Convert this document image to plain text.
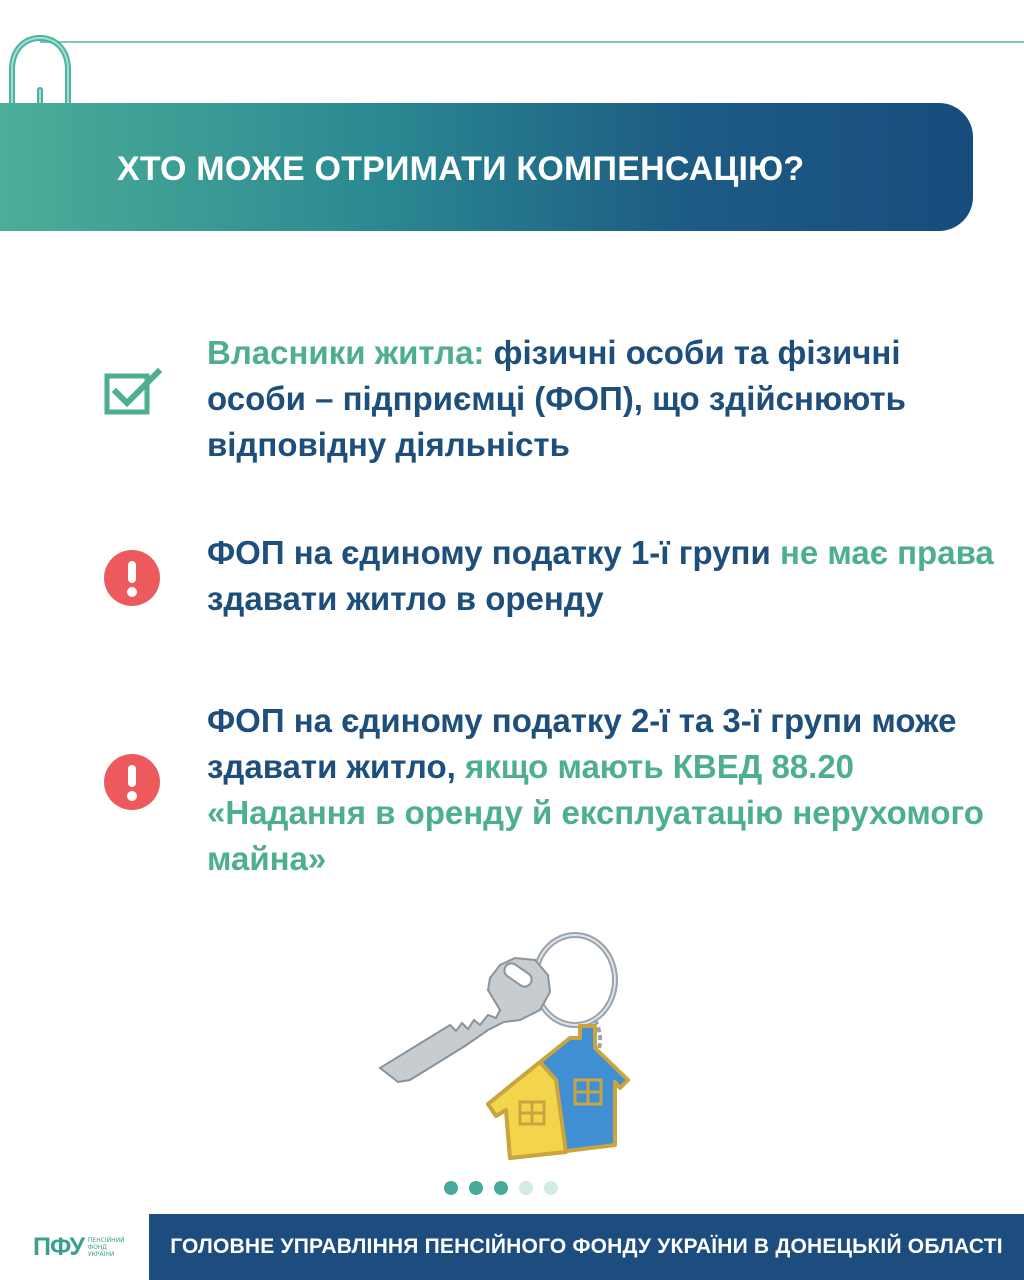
ХТО МОЖЕ ОТРИМАТИ КОМПЕНСАЦІЮ?
Власники житла: фізичні особи та фізичні особи – підприємці (ФОП), що здійснюють відповідну діяльність
ФОП на єдиному податку 1-ї групи не має права здавати житло в оренду
ФОП на єдиному податку 2-ї та 3-ї групи може здавати житло, якщо мають КВЕД 88.20 «Надання в оренду й експлуатацію нерухомого майна»
ПФУ ПЕНСІЙНИЙ
ФОНД
УКРАЇНИ	ГОЛОВНЕ УПРАВЛІННЯ ПЕНСІЙНОГО ФОНДУ УКРАЇНИ В ДОНЕЦЬКІЙ ОБЛАСТІ
